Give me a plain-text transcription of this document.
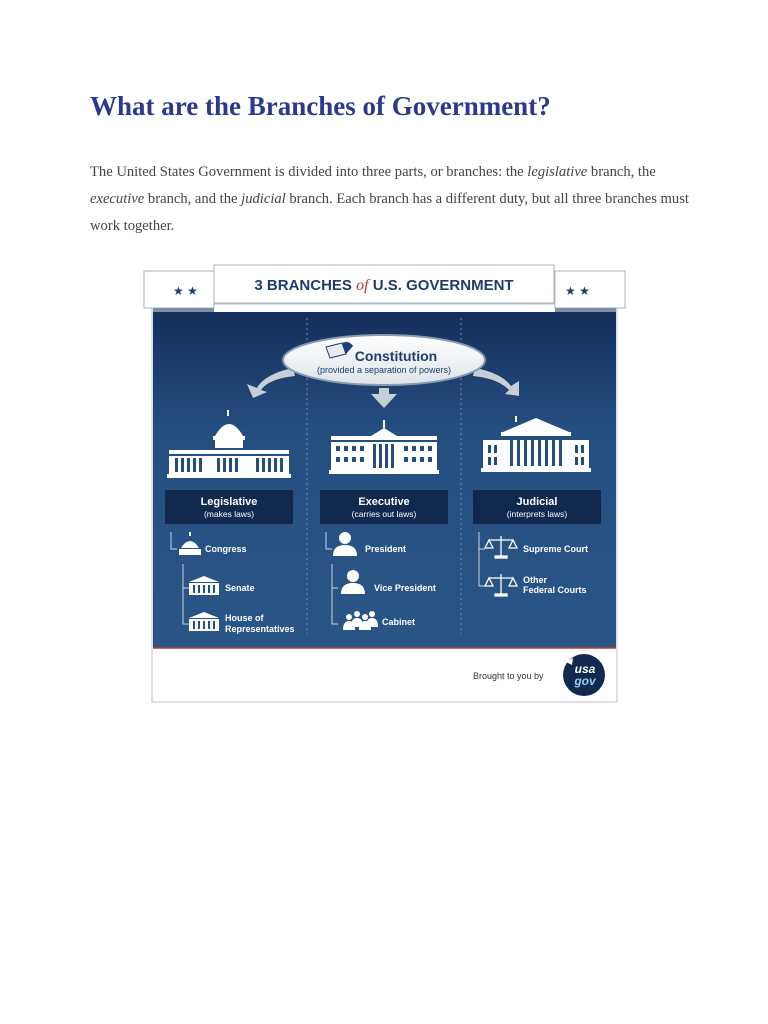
What are the Branches of Government?

The United States Government is divided into three parts, or branches: the legislative branch, the executive branch, and the judicial branch. Each branch has a different duty, but all three branches must work together.

★ ★	★ ★
3 BRANCHES of U.S. GOVERNMENT
Constitution
(provided a separation of powers)
Legislative
(makes laws)
Executive
(carries out laws)
Judicial
(interprets laws)
Congress
Senate
House of
Representatives
President
Vice President
Cabinet
Supreme Court
Other
Federal Courts
Brought to you by	usa
gov
